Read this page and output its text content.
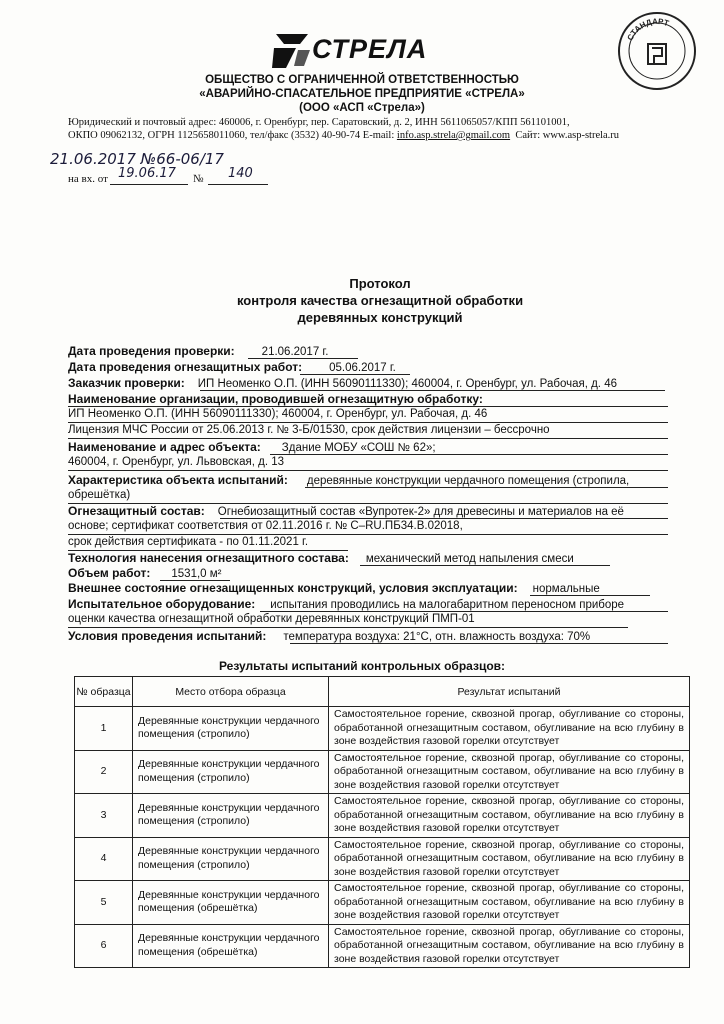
СТРЕЛА	СТАНДАРТ
ОБЩЕСТВО С ОГРАНИЧЕННОЙ ОТВЕТСТВЕННОСТЬЮ
«АВАРИЙНО-СПАСАТЕЛЬНОЕ ПРЕДПРИЯТИЕ «СТРЕЛА»
(ООО «АСП «Стрела»)
Юридический и почтовый адрес: 460006, г. Оренбург, пер. Саратовский, д. 2, ИНН 5611065057/КПП 561101001,
ОКПО 09062132, ОГРН 1125658011060, тел/факс (3532) 40-90-74 E-mail: info.asp.strela@gmail.com Сайт: www.asp-strela.ru
21.06.2017 №66-06/17
на вх. от 19.06.17 № 140
Протокол
контроля качества огнезащитной обработки
деревянных конструкций
Дата проведения проверки: 21.06.2017 г.
Дата проведения огнезащитных работ: 05.06.2017 г.
Заказчик проверки: ИП Неоменко О.П. (ИНН 56090111330); 460004, г. Оренбург, ул. Рабочая, д. 46
Наименование организации, проводившей огнезащитную обработку:
ИП Неоменко О.П. (ИНН 56090111330); 460004, г. Оренбург, ул. Рабочая, д. 46
Лицензия МЧС России от 25.06.2013 г. № 3-Б/01530, срок действия лицензии – бессрочно
Наименование и адрес объекта: Здание МОБУ «СОШ № 62»;
460004, г. Оренбург, ул. Львовская, д. 13
Характеристика объекта испытаний: деревянные конструкции чердачного помещения (стропила,
обрешётка)
Огнезащитный состав: Огнебиозащитный состав «Вупротек-2» для древесины и материалов на её
основе; сертификат соответствия от 02.11.2016 г. № C–RU.ПБ34.В.02018,
срок действия сертификата - по 01.11.2021 г.
Технология нанесения огнезащитного состава: механический метод напыления смеси
Объем работ: 1531,0 м²
Внешнее состояние огнезащищенных конструкций, условия эксплуатации: нормальные
Испытательное оборудование: испытания проводились на малогабаритном переносном приборе
оценки качества огнезащитной обработки деревянных конструкций ПМП-01
Условия проведения испытаний: температура воздуха: 21°С, отн. влажность воздуха: 70%
Результаты испытаний контрольных образцов:
№ образца	Место отбора образца	Результат испытаний
1	Деревянные конструкции чердачного помещения (стропило)	Самостоятельное горение, сквозной прогар, обугливание со стороны, обработанной огнезащитным составом, обугливание на всю глубину в зоне воздействия газовой горелки отсутствует
2	Деревянные конструкции чердачного помещения (стропило)	Самостоятельное горение, сквозной прогар, обугливание со стороны, обработанной огнезащитным составом, обугливание на всю глубину в зоне воздействия газовой горелки отсутствует
3	Деревянные конструкции чердачного помещения (стропило)	Самостоятельное горение, сквозной прогар, обугливание со стороны, обработанной огнезащитным составом, обугливание на всю глубину в зоне воздействия газовой горелки отсутствует
4	Деревянные конструкции чердачного помещения (стропило)	Самостоятельное горение, сквозной прогар, обугливание со стороны, обработанной огнезащитным составом, обугливание на всю глубину в зоне воздействия газовой горелки отсутствует
5	Деревянные конструкции чердачного помещения (обрешётка)	Самостоятельное горение, сквозной прогар, обугливание со стороны, обработанной огнезащитным составом, обугливание на всю глубину в зоне воздействия газовой горелки отсутствует
6	Деревянные конструкции чердачного помещения (обрешётка)	Самостоятельное горение, сквозной прогар, обугливание со стороны, обработанной огнезащитным составом, обугливание на всю глубину в зоне воздействия газовой горелки отсутствует
